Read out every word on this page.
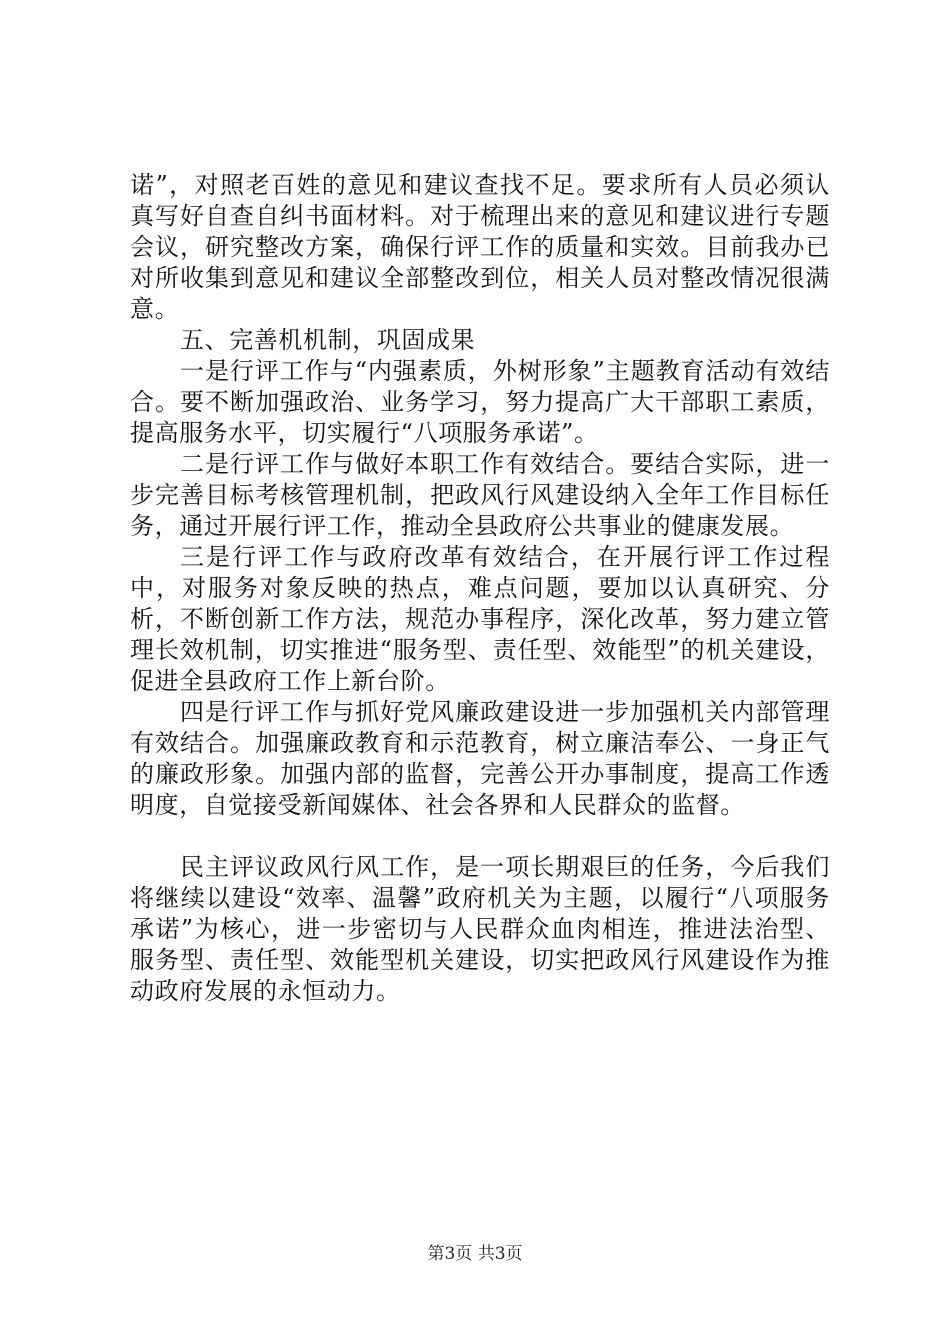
诺”，对照老百姓的意见和建议查找不足。要求所有人员必须认真写好自查自纠书面材料。对于梳理出来的意见和建议进行专题会议，研究整改方案，确保行评工作的质量和实效。目前我办已对所收集到意见和建议全部整改到位，相关人员对整改情况很满意。

五、完善机机制，巩固成果

一是行评工作与“内强素质，外树形象”主题教育活动有效结合。要不断加强政治、业务学习，努力提高广大干部职工素质，提高服务水平，切实履行“八项服务承诺”。

二是行评工作与做好本职工作有效结合。要结合实际，进一步完善目标考核管理机制，把政风行风建设纳入全年工作目标任务，通过开展行评工作，推动全县政府公共事业的健康发展。

三是行评工作与政府改革有效结合，在开展行评工作过程中，对服务对象反映的热点，难点问题，要加以认真研究、分析，不断创新工作方法，规范办事程序，深化改革，努力建立管理长效机制，切实推进“服务型、责任型、效能型”的机关建设，促进全县政府工作上新台阶。

四是行评工作与抓好党风廉政建设进一步加强机关内部管理有效结合。加强廉政教育和示范教育，树立廉洁奉公、一身正气的廉政形象。加强内部的监督，完善公开办事制度，提高工作透明度，自觉接受新闻媒体、社会各界和人民群众的监督。

民主评议政风行风工作，是一项长期艰巨的任务，今后我们将继续以建设“效率、温馨”政府机关为主题，以履行“八项服务承诺”为核心，进一步密切与人民群众血肉相连，推进法治型、服务型、责任型、效能型机关建设，切实把政风行风建设作为推动政府发展的永恒动力。

第3页 共3页
